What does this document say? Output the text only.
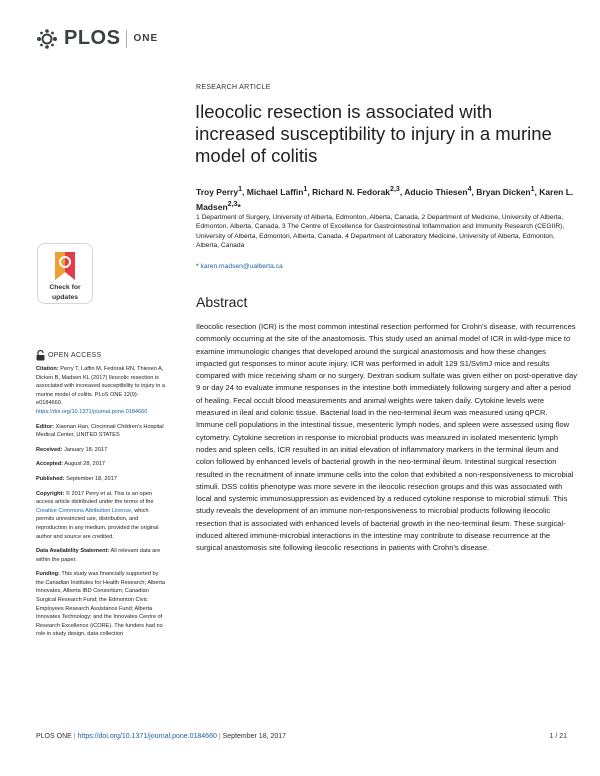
PLOS ONE
RESEARCH ARTICLE
Ileocolic resection is associated with increased susceptibility to injury in a murine model of colitis
Troy Perry$^1$, Michael Laffin$^1$, Richard N. Fedorak$^{2,3}$, Aducio Thiesen$^4$, Bryan Dicken$^1$, Karen L. Madsen$^{2,3}$*
1 Department of Surgery, University of Alberta, Edmonton, Alberta, Canada, 2 Department of Medicine, University of Alberta, Edmonton, Alberta, Canada, 3 The Centre of Excellence for Gastrointestinal Inflammation and Immunity Research (CEGIIR), University of Alberta, Edmonton, Alberta, Canada, 4 Department of Laboratory Medicine, University of Alberta, Edmonton, Alberta, Canada
* karen.madsen@ualberta.ca
Abstract
Ileocolic resection (ICR) is the most common intestinal resection performed for Crohn's disease, with recurrences commonly occurring at the site of the anastomosis. This study used an animal model of ICR in wild-type mice to examine immunologic changes that developed around the surgical anastomosis and how these changes impacted gut responses to minor acute injury. ICR was performed in adult 129 S1/SvImJ mice and results compared with mice receiving sham or no surgery. Dextran sodium sulfate was given either on post-operative day 9 or day 24 to evaluate immune responses in the intestine both immediately following surgery and after a period of healing. Fecal occult blood measurements and animal weights were taken daily. Cytokine levels were measured in ileal and colonic tissue. Bacterial load in the neo-terminal ileum was measured using qPCR. Immune cell populations in the intestinal tissue, mesenteric lymph nodes, and spleen were assessed using flow cytometry. Cytokine secretion in response to microbial products was measured in isolated mesenteric lymph nodes and spleen cells. ICR resulted in an initial elevation of inflammatory markers in the terminal ileum and colon followed by enhanced levels of bacterial growth in the neo-terminal ileum. Intestinal surgical resection resulted in the recruitment of innate immune cells into the colon that exhibited a non-responsiveness to microbial stimuli. DSS colitis phenotype was more severe in the ileocolic resection groups and this was associated with local and systemic immunosuppression as evidenced by a reduced cytokine response to microbial stimuli. This study reveals the development of an immune non-responsiveness to microbial products following ileocolic resection that is associated with enhanced levels of bacterial growth in the neo-terminal ileum. These surgical-induced altered immune-microbial interactions in the intestine may contribute to disease recurrence at the surgical anastomosis site following ileocolic resections in patients with Crohn's disease.
Check for
updates
OPEN ACCESS

Citation: Perry T, Laffin M, Fedorak RN, Thiesen A, Dicken B, Madsen KL (2017) Ileocolic resection is associated with increased susceptibility to injury in a murine model of colitis. PLoS ONE 12(9): e0184660. https://doi.org/10.1371/journal.pone.0184660

Editor: Xiaonan Han, Cincinnati Children's Hospital Medical Center, UNITED STATES

Received: January 18, 2017

Accepted: August 28, 2017

Published: September 18, 2017

Copyright: © 2017 Perry et al. This is an open access article distributed under the terms of the Creative Commons Attribution License, which permits unrestricted use, distribution, and reproduction in any medium, provided the original author and source are credited.

Data Availability Statement: All relevant data are within the paper.

Funding: This study was financially supported by the Canadian Institutes for Health Research; Alberta Innovates, Alberta IBD Consortium; Canadian Surgical Research Fund; the Edmonton Civic Employees Research Assistance Fund; Alberta Innovates Technology; and the Innovates Centre of Research Excellence (iCORE). The funders had no role in study design, data collection

PLOS ONE | https://doi.org/10.1371/journal.pone.0184660 | September 18, 2017	1 / 21
